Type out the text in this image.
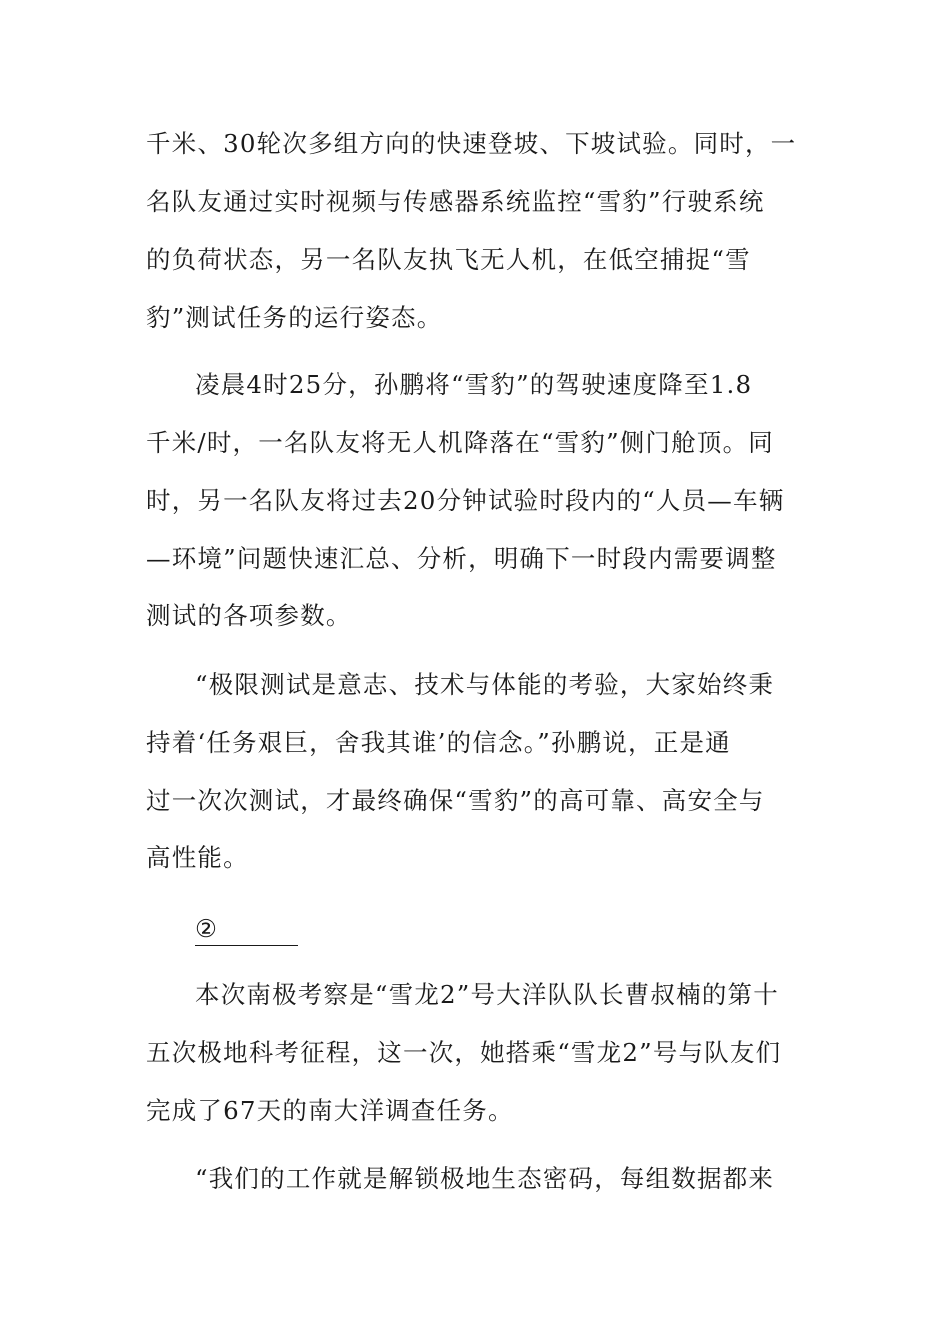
千米、30轮次多组方向的快速登坡、下坡试验。同时，一
名队友通过实时视频与传感器系统监控“雪豹”行驶系统
的负荷状态，另一名队友执飞无人机，在低空捕捉“雪
豹”测试任务的运行姿态。
凌晨4时25分，孙鹏将“雪豹”的驾驶速度降至1.8
千米/时，一名队友将无人机降落在“雪豹”侧门舱顶。同
时，另一名队友将过去20分钟试验时段内的“人员—车辆
—环境”问题快速汇总、分析，明确下一时段内需要调整
测试的各项参数。
“极限测试是意志、技术与体能的考验，大家始终秉
持着‘任务艰巨，舍我其谁’的信念。”孙鹏说，正是通
过一次次测试，才最终确保“雪豹”的高可靠、高安全与
高性能。
②
本次南极考察是“雪龙2”号大洋队队长曹叔楠的第十
五次极地科考征程，这一次，她搭乘“雪龙2”号与队友们
完成了67天的南大洋调查任务。
“我们的工作就是解锁极地生态密码，每组数据都来
